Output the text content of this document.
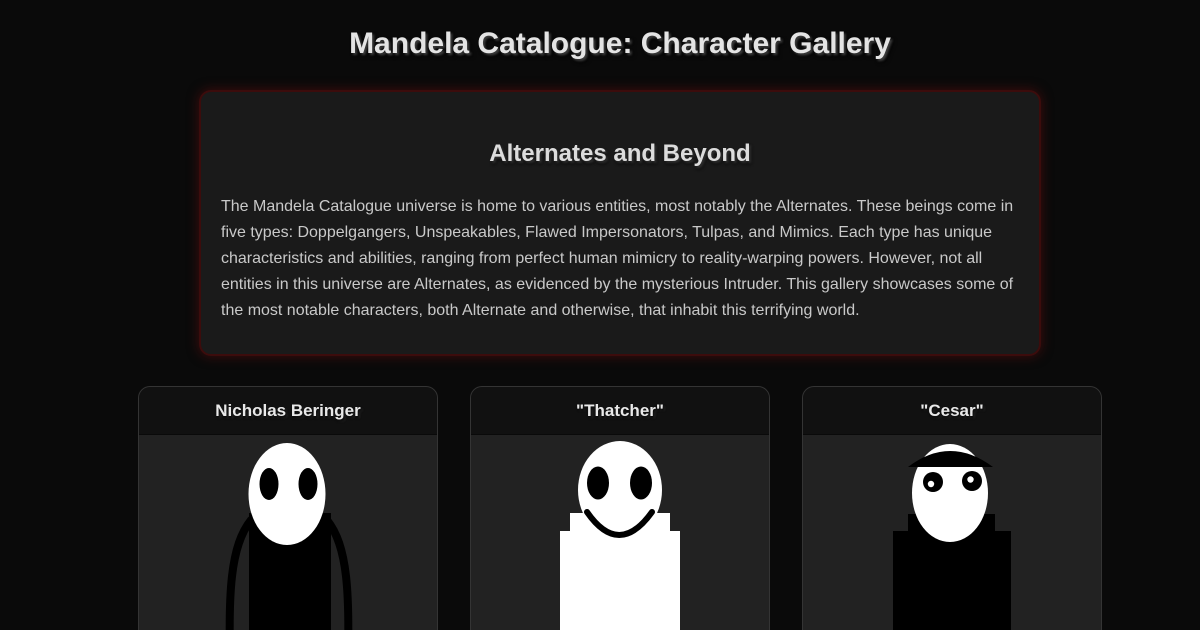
Mandela Catalogue: Character Gallery
Alternates and Beyond

The Mandela Catalogue universe is home to various entities, most notably the Alternates. These beings come in five types: Doppelgangers, Unspeakables, Flawed Impersonators, Tulpas, and Mimics. Each type has unique characteristics and abilities, ranging from perfect human mimicry to reality-warping powers. However, not all entities in this universe are Alternates, as evidenced by the mysterious Intruder. This gallery showcases some of the most notable characters, both Alternate and otherwise, that inhabit this terrifying world.

Nicholas Beringer	"Thatcher"	"Cesar"
